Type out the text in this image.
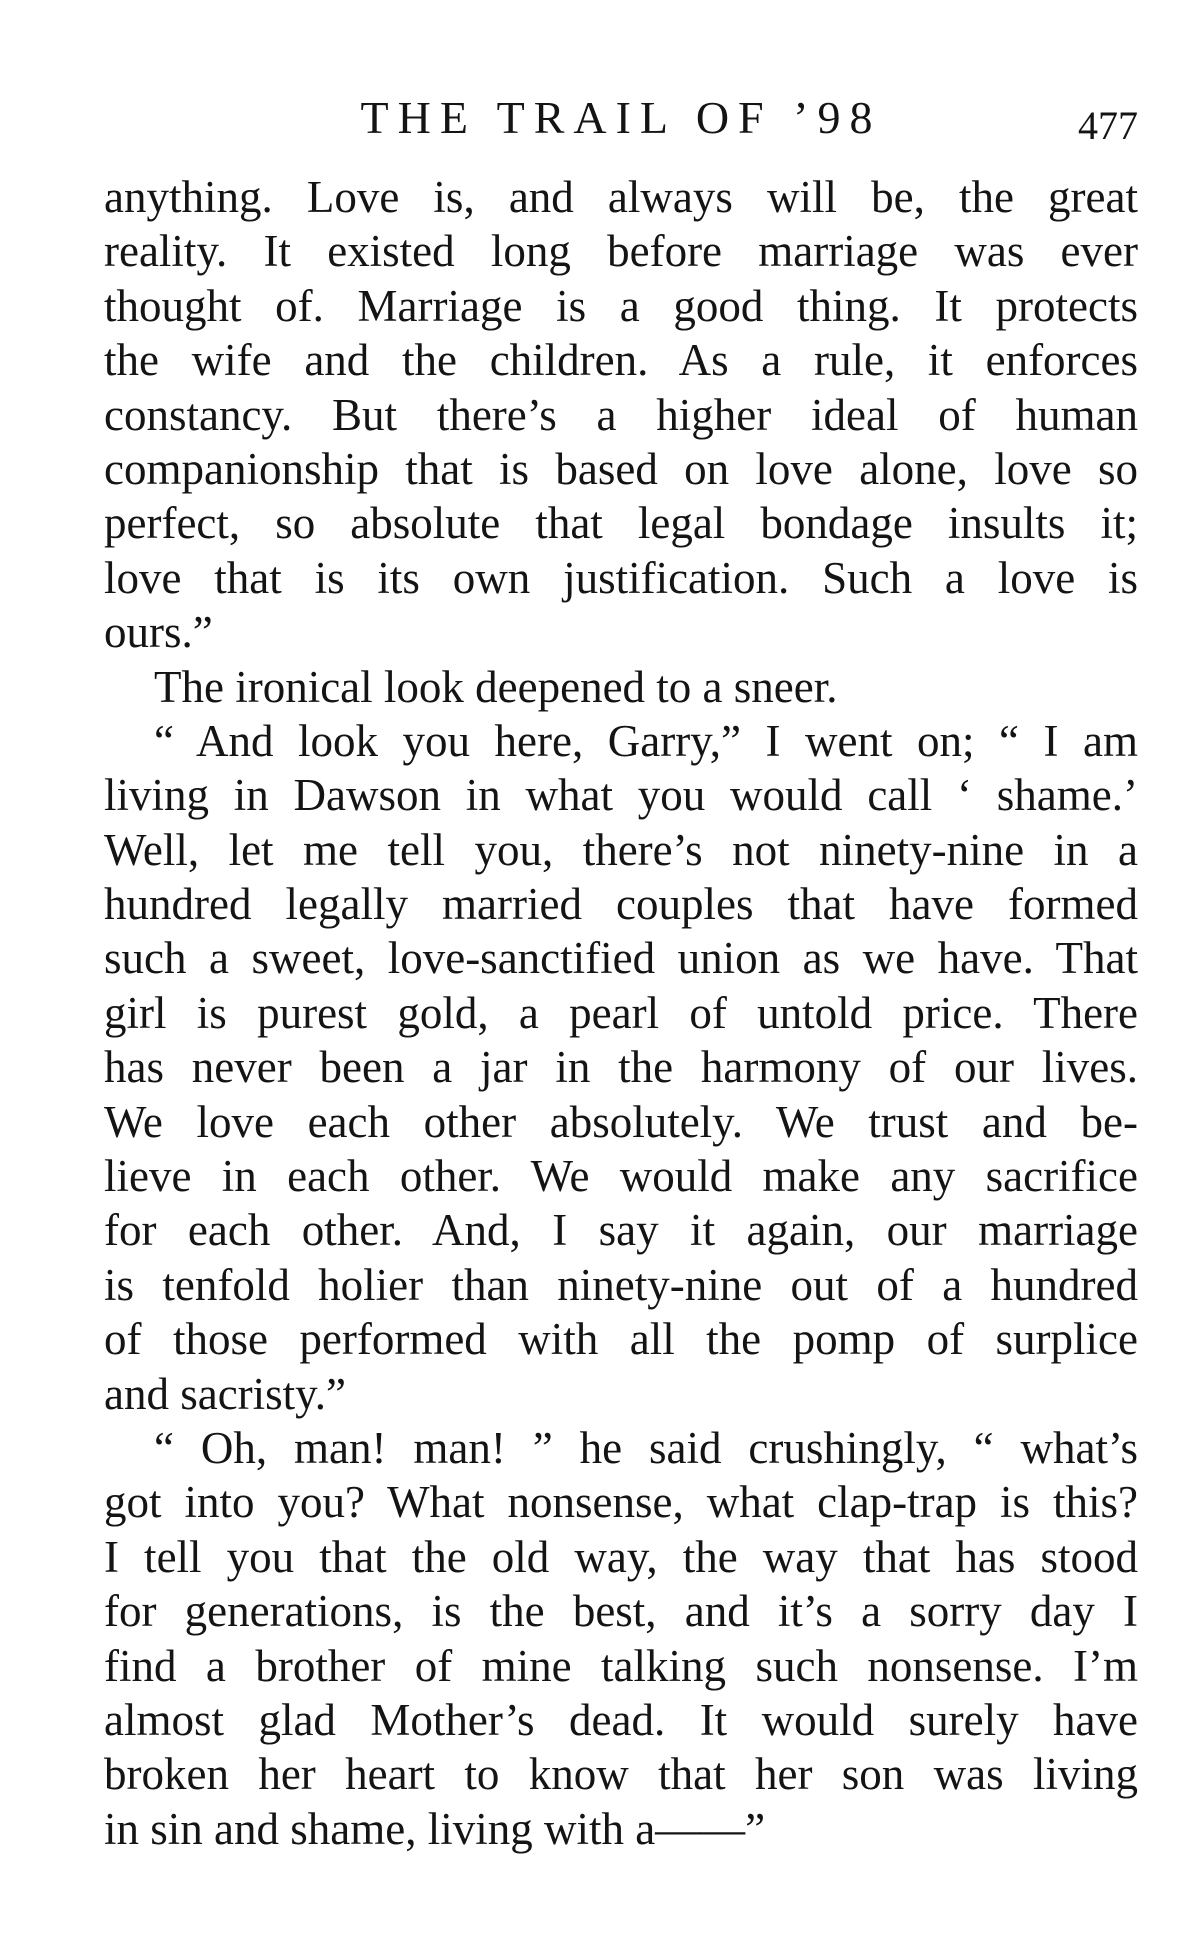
THE TRAIL OF ’98	477
anything. Love is, and always will be, the great
reality. It existed long before marriage was ever
thought of. Marriage is a good thing. It protects
the wife and the children. As a rule, it enforces
constancy. But there’s a higher ideal of human
companionship that is based on love alone, love so
perfect, so absolute that legal bondage insults it;
love that is its own justification. Such a love is
ours.”
The ironical look deepened to a sneer.
“ And look you here, Garry,” I went on; “ I am
living in Dawson in what you would call ‘ shame.’
Well, let me tell you, there’s not ninety-nine in a
hundred legally married couples that have formed
such a sweet, love-sanctified union as we have. That
girl is purest gold, a pearl of untold price. There
has never been a jar in the harmony of our lives.
We love each other absolutely. We trust and be-
lieve in each other. We would make any sacrifice
for each other. And, I say it again, our marriage
is tenfold holier than ninety-nine out of a hundred
of those performed with all the pomp of surplice
and sacristy.”
“ Oh, man! man! ” he said crushingly, “ what’s
got into you? What nonsense, what clap-trap is this?
I tell you that the old way, the way that has stood
for generations, is the best, and it’s a sorry day I
find a brother of mine talking such nonsense. I’m
almost glad Mother’s dead. It would surely have
broken her heart to know that her son was living
in sin and shame, living with a——”
